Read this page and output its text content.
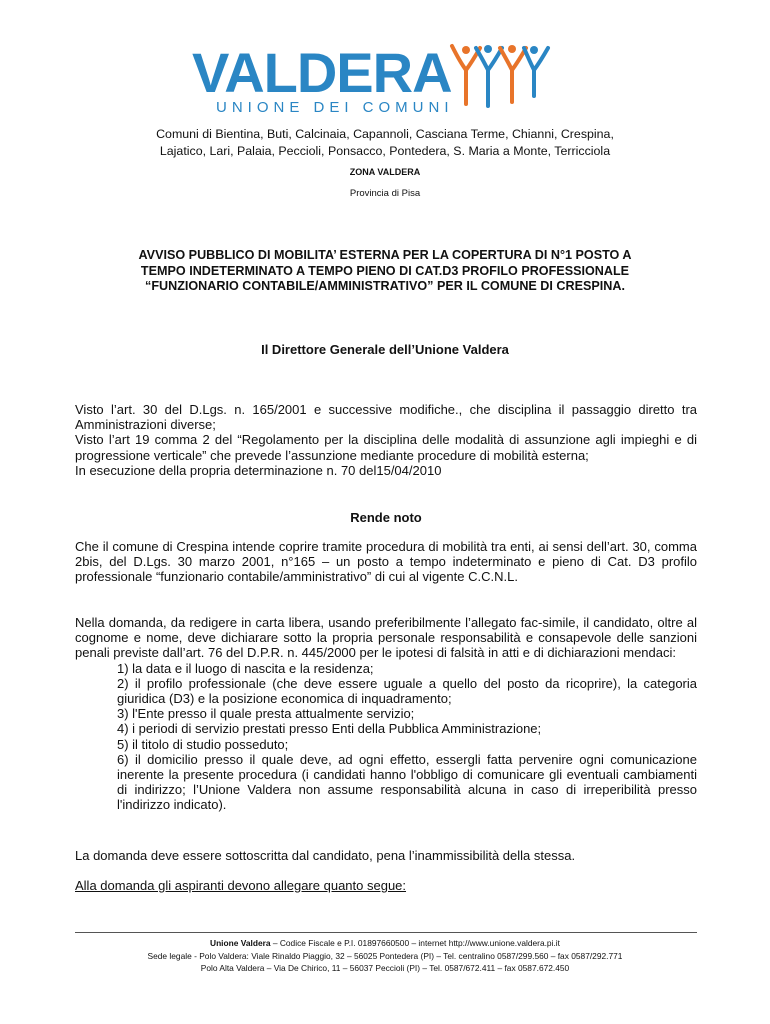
VALDERA
UNIONE DEI COMUNI
Comuni di Bientina, Buti, Calcinaia, Capannoli, Casciana Terme, Chianni, Crespina,
Lajatico, Lari, Palaia, Peccioli, Ponsacco, Pontedera, S. Maria a Monte, Terricciola
ZONA VALDERA
Provincia di Pisa
AVVISO PUBBLICO DI MOBILITA’ ESTERNA PER LA COPERTURA DI N°1 POSTO A
TEMPO INDETERMINATO A TEMPO PIENO DI CAT.D3 PROFILO PROFESSIONALE
“FUNZIONARIO CONTABILE/AMMINISTRATIVO” PER IL COMUNE DI CRESPINA.
Il Direttore Generale dell’Unione Valdera
Visto l’art. 30 del D.Lgs. n. 165/2001 e successive modifiche., che disciplina il passaggio diretto tra Amministrazioni diverse;
Visto l’art 19 comma 2 del “Regolamento per la disciplina delle modalità di assunzione agli impieghi e di progressione verticale” che prevede l’assunzione mediante procedure di mobilità esterna;
In esecuzione della propria determinazione n. 70 del15/04/2010
Rende noto
Che il comune di Crespina intende coprire tramite procedura di mobilità tra enti, ai sensi dell’art. 30, comma 2bis, del D.Lgs. 30 marzo 2001, n°165 – un posto a tempo indeterminato e pieno di Cat. D3 profilo professionale “funzionario contabile/amministrativo” di cui al vigente C.C.N.L.
Nella domanda, da redigere in carta libera, usando preferibilmente l’allegato fac-simile, il candidato, oltre al cognome e nome, deve dichiarare sotto la propria personale responsabilità e consapevole delle sanzioni penali previste dall’art. 76 del D.P.R. n. 445/2000 per le ipotesi di falsità in atti e di dichiarazioni mendaci:
1) la data e il luogo di nascita e la residenza;
2) il profilo professionale (che deve essere uguale a quello del posto da ricoprire), la categoria giuridica (D3) e la posizione economica di inquadramento;
3) l'Ente presso il quale presta attualmente servizio;
4) i periodi di servizio prestati presso Enti della Pubblica Amministrazione;
5) il titolo di studio posseduto;
6) il domicilio presso il quale deve, ad ogni effetto, essergli fatta pervenire ogni comunicazione inerente la presente procedura (i candidati hanno l'obbligo di comunicare gli eventuali cambiamenti di indirizzo; l’Unione Valdera non assume responsabilità alcuna in caso di irreperibilità presso l'indirizzo indicato).
La domanda deve essere sottoscritta dal candidato, pena l’inammissibilità della stessa.
Alla domanda gli aspiranti devono allegare quanto segue:
Unione Valdera – Codice Fiscale e P.I. 01897660500 – internet http://www.unione.valdera.pi.it
Sede legale - Polo Valdera: Viale Rinaldo Piaggio, 32 – 56025 Pontedera (PI) – Tel. centralino 0587/299.560 – fax 0587/292.771
Polo Alta Valdera – Via De Chirico, 11 – 56037 Peccioli (PI) – Tel. 0587/672.411 – fax 0587.672.450
